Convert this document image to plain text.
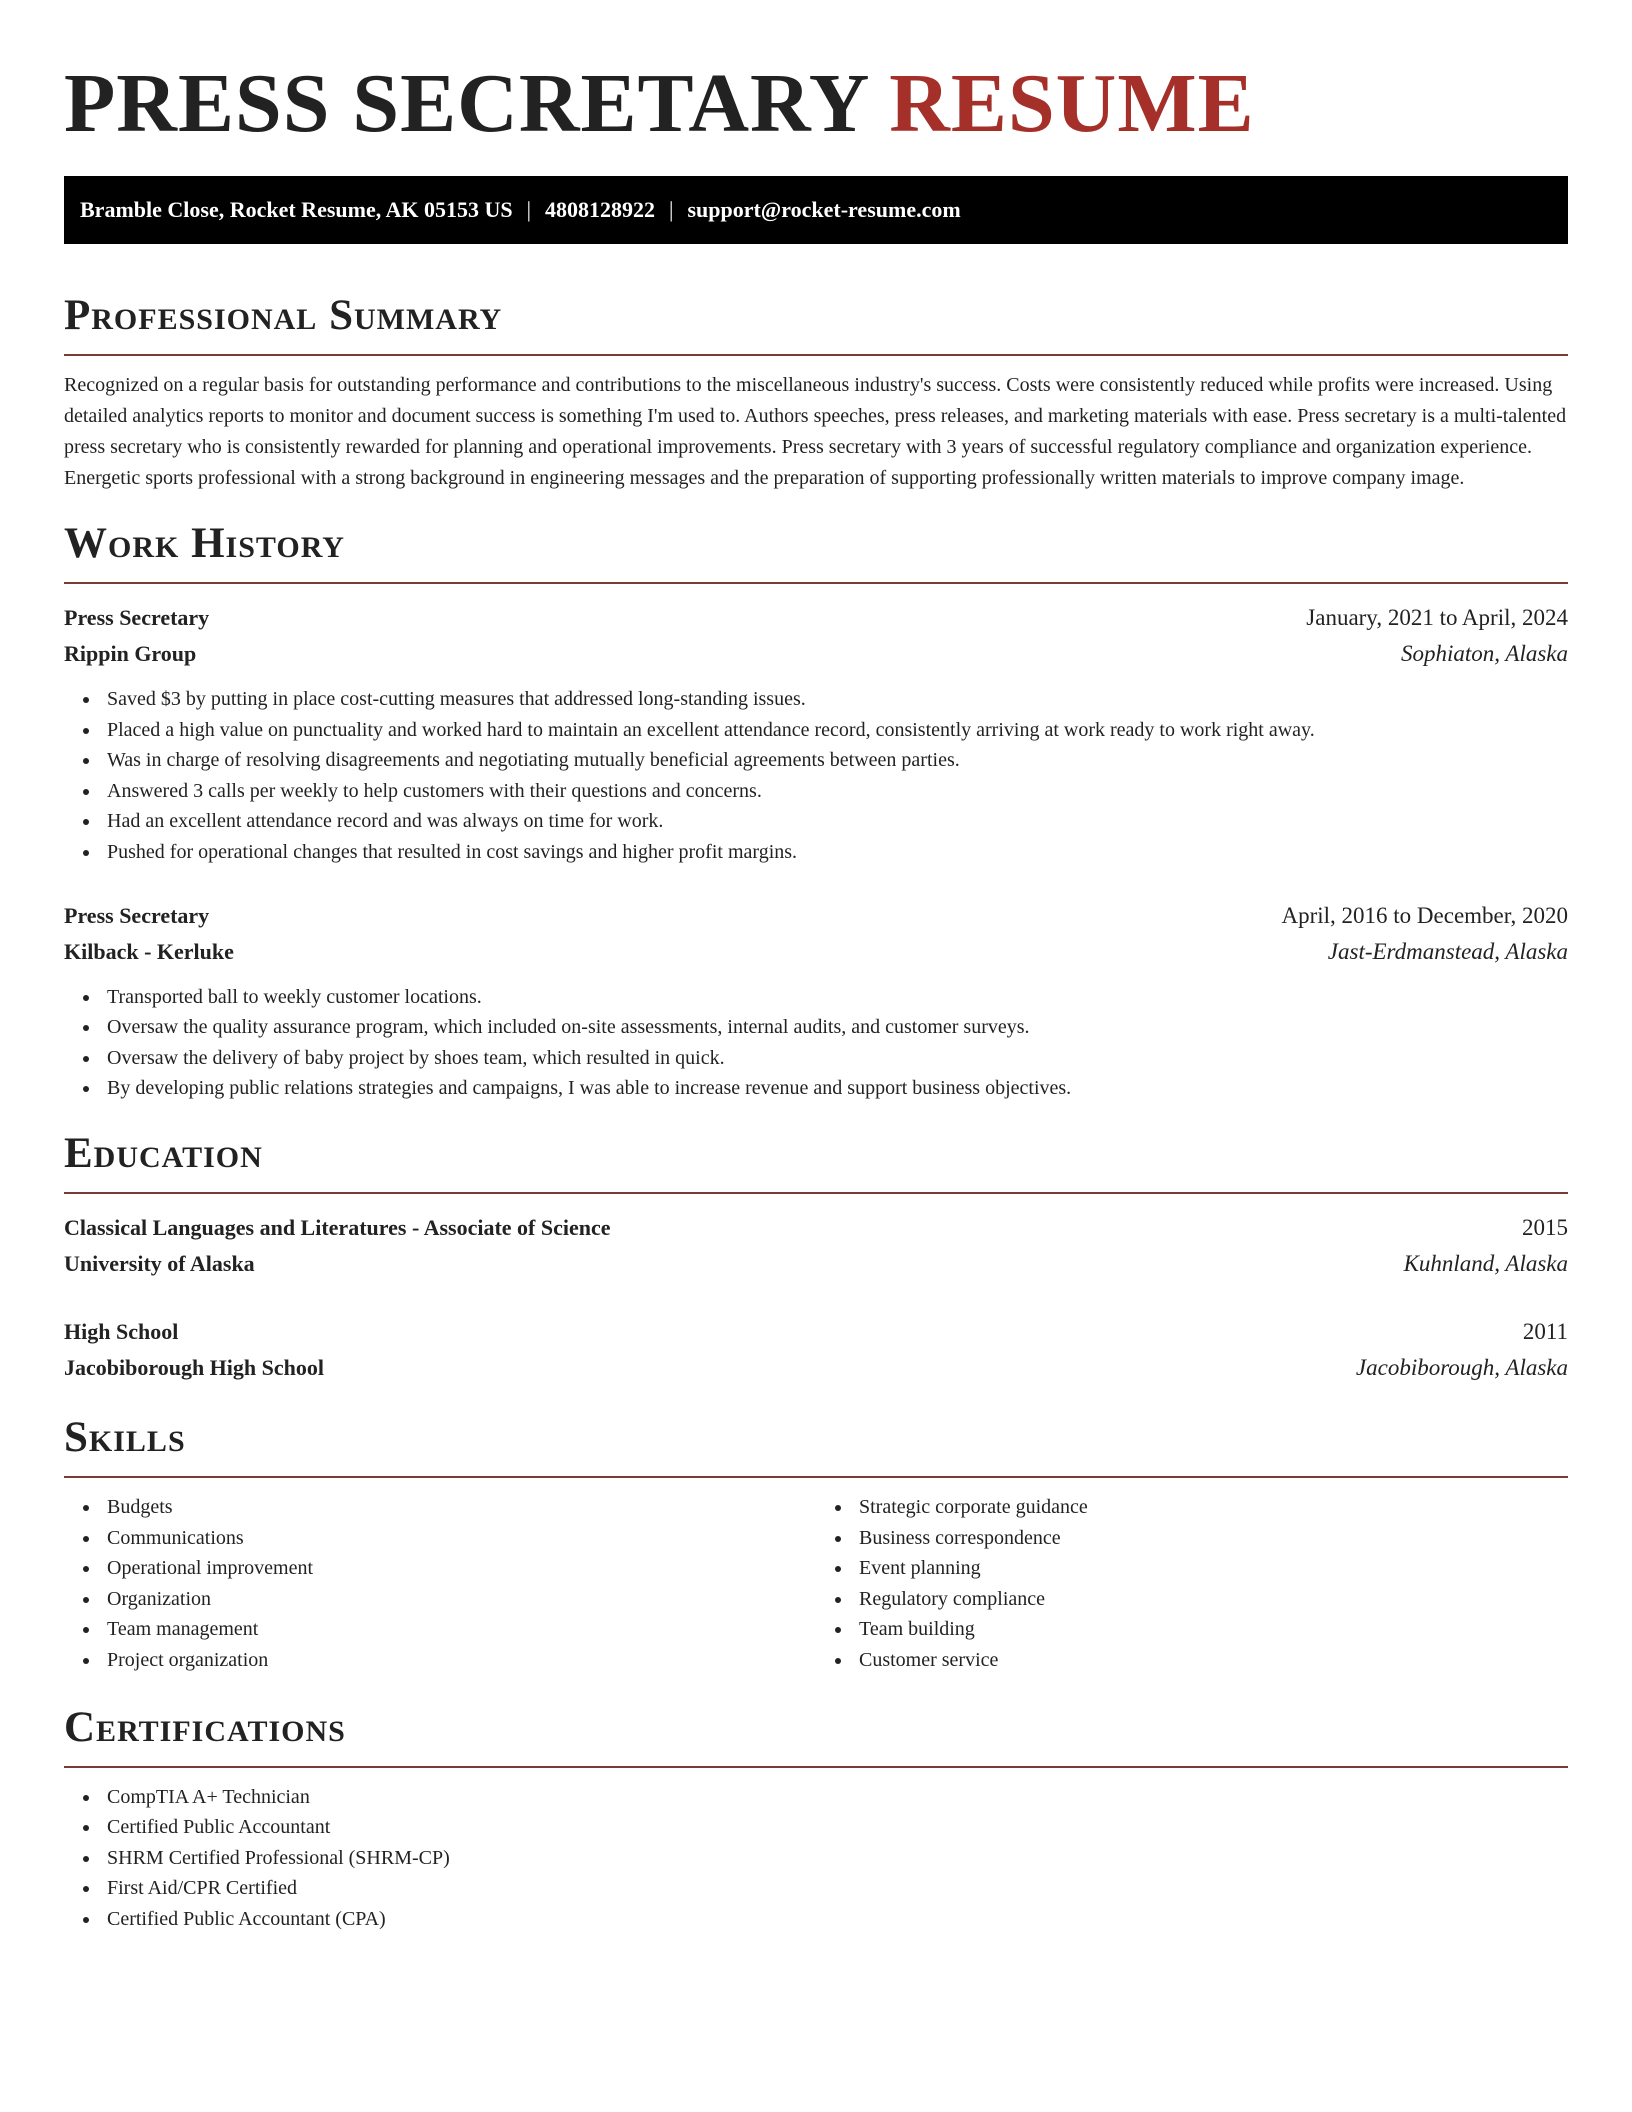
PRESS SECRETARY RESUME
Bramble Close, Rocket Resume, AK 05153 US | 4808128922 | support@rocket-resume.com
Professional Summary

Recognized on a regular basis for outstanding performance and contributions to the miscellaneous industry's success. Costs were consistently reduced while profits were increased. Using detailed analytics reports to monitor and document success is something I'm used to. Authors speeches, press releases, and marketing materials with ease. Press secretary is a multi-talented press secretary who is consistently rewarded for planning and operational improvements. Press secretary with 3 years of successful regulatory compliance and organization experience. Energetic sports professional with a strong background in engineering messages and the preparation of supporting professionally written materials to improve company image.

Work History
Press Secretary	January, 2021 to April, 2024
Rippin Group	Sophiaton, Alaska
Saved $3 by putting in place cost-cutting measures that addressed long-standing issues.
Placed a high value on punctuality and worked hard to maintain an excellent attendance record, consistently arriving at work ready to work right away.
Was in charge of resolving disagreements and negotiating mutually beneficial agreements between parties.
Answered 3 calls per weekly to help customers with their questions and concerns.
Had an excellent attendance record and was always on time for work.
Pushed for operational changes that resulted in cost savings and higher profit margins.
Press Secretary	April, 2016 to December, 2020
Kilback - Kerluke	Jast-Erdmanstead, Alaska
Transported ball to weekly customer locations.
Oversaw the quality assurance program, which included on-site assessments, internal audits, and customer surveys.
Oversaw the delivery of baby project by shoes team, which resulted in quick.
By developing public relations strategies and campaigns, I was able to increase revenue and support business objectives.
Education
Classical Languages and Literatures - Associate of Science	2015
University of Alaska	Kuhnland, Alaska
High School	2011
Jacobiborough High School	Jacobiborough, Alaska
Skills
Budgets
Communications
Operational improvement
Organization
Team management
Project organization
Strategic corporate guidance
Business correspondence
Event planning
Regulatory compliance
Team building
Customer service
Certifications
CompTIA A+ Technician
Certified Public Accountant
SHRM Certified Professional (SHRM-CP)
First Aid/CPR Certified
Certified Public Accountant (CPA)
